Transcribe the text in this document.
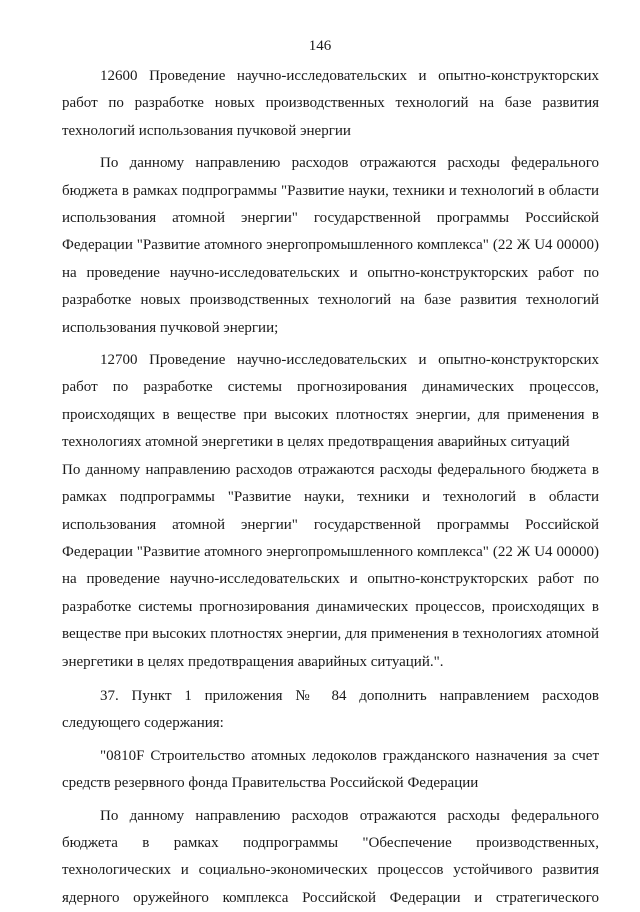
146

12600 Проведение научно-исследовательских и опытно-конструкторских работ по разработке новых производственных технологий на базе развития технологий использования пучковой энергии

По данному направлению расходов отражаются расходы федерального бюджета в рамках подпрограммы "Развитие науки, техники и технологий в области использования атомной энергии" государственной программы Российской Федерации "Развитие атомного энергопромышленного комплекса" (22 Ж U4 00000) на проведение научно-исследовательских и опытно-конструкторских работ по разработке новых производственных технологий на базе развития технологий использования пучковой энергии;

12700 Проведение научно-исследовательских и опытно-конструкторских работ по разработке системы прогнозирования динамических процессов, происходящих в веществе при высоких плотностях энергии, для применения в технологиях атомной энергетики в целях предотвращения аварийных ситуаций

По данному направлению расходов отражаются расходы федерального бюджета в рамках подпрограммы "Развитие науки, техники и технологий в области использования атомной энергии" государственной программы Российской Федерации "Развитие атомного энергопромышленного комплекса" (22 Ж U4 00000) на проведение научно-исследовательских и опытно-конструкторских работ по разработке системы прогнозирования динамических процессов, происходящих в веществе при высоких плотностях энергии, для применения в технологиях атомной энергетики в целях предотвращения аварийных ситуаций.".

37. Пункт 1 приложения № 84 дополнить направлением расходов следующего содержания:

"0810F Строительство атомных ледоколов гражданского назначения за счет средств резервного фонда Правительства Российской Федерации

По данному направлению расходов отражаются расходы федерального бюджета в рамках подпрограммы "Обеспечение производственных, технологических и социально-экономических процессов устойчивого развития ядерного оружейного комплекса Российской Федерации и стратегического
